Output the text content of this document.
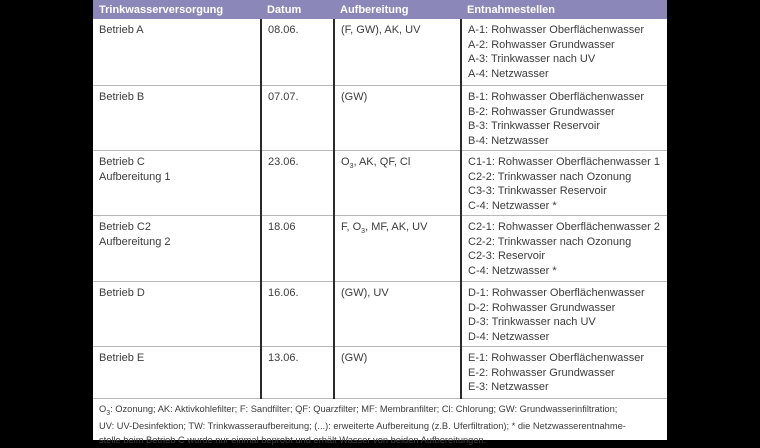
Trinkwasserversorgung	Datum	Aufbereitung	Entnahmestellen

Betrieb A	08.06.	(F, GW), AK, UV	A-1: Rohwasser Oberflächenwasser
A-2: Rohwasser Grundwasser
A-3: Trinkwasser nach UV
A-4: Netzwasser

Betrieb B	07.07.	(GW)	B-1: Rohwasser Oberflächenwasser
B-2: Rohwasser Grundwasser
B-3: Trinkwasser Reservoir
B-4: Netzwasser

Betrieb C
Aufbereitung 1	23.06.	$O_3$, AK, QF, Cl	C1-1: Rohwasser Oberflächenwasser 1
C2-2: Trinkwasser nach Ozonung
C3-3: Trinkwasser Reservoir
C-4: Netzwasser *

Betrieb C2
Aufbereitung 2	18.06	F, $O_3$, MF, AK, UV	C2-1: Rohwasser Oberflächenwasser 2
C2-2: Trinkwasser nach Ozonung
C2-3: Reservoir
C-4: Netzwasser *

Betrieb D	16.06.	(GW), UV	D-1: Rohwasser Oberflächenwasser
D-2: Rohwasser Grundwasser
D-3: Trinkwasser nach UV
D-4: Netzwasser

Betrieb E	13.06.	(GW)	E-1: Rohwasser Oberflächenwasser
E-2: Rohwasser Grundwasser
E-3: Netzwasser
$O_3$: Ozonung; AK: Aktivkohlefilter; F: Sandfilter; QF: Quarzfilter; MF: Membranfilter; Cl: Chlorung; GW: Grundwasserinfiltration;
UV: UV-Desinfektion; TW: Trinkwasseraufbereitung; (...): erweiterte Aufbereitung (z.B. Uferfiltration); * die Netzwasserentnahme-
stelle beim Betrieb C wurde nur einmal beprobt und erhält Wasser von beiden Aufbereitungen.
